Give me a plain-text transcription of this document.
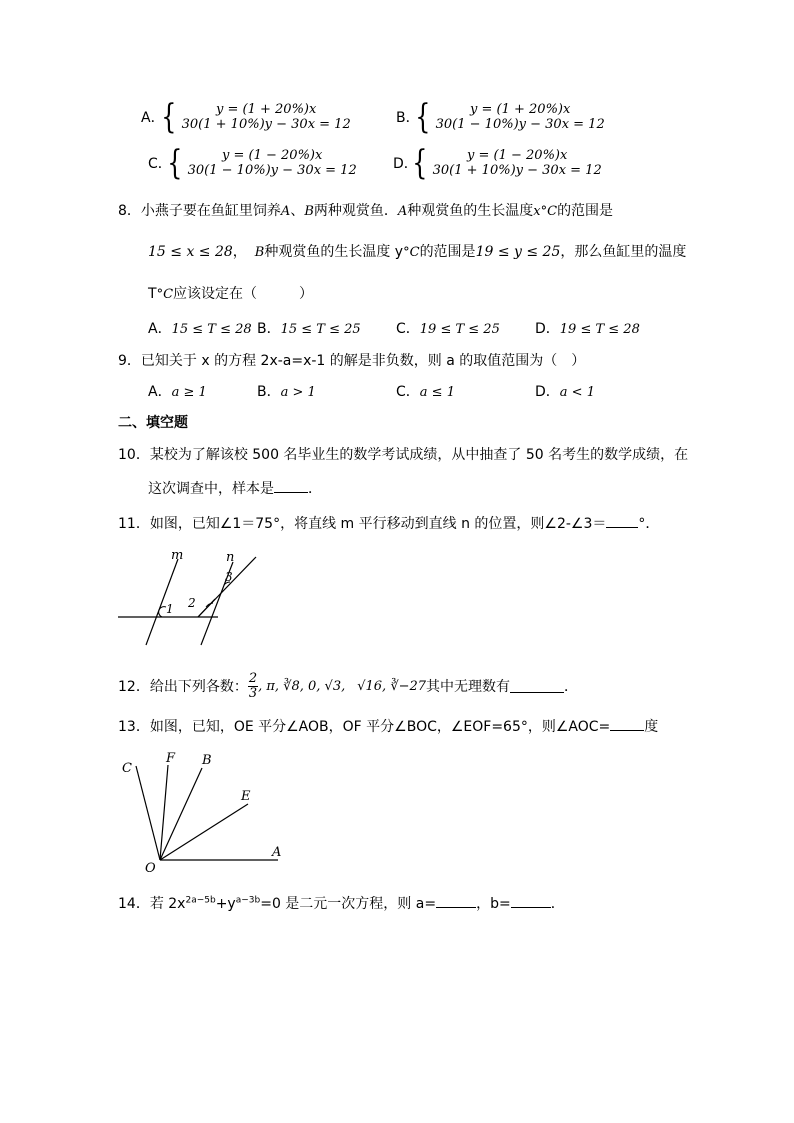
A．
{	y = (1 + 20%)x
30(1 + 10%)y − 30x = 12	B．
{	y = (1 + 20%)x
30(1 − 10%)y − 30x = 12
C．
{	y = (1 − 20%)x
30(1 − 10%)y − 30x = 12	D．
{	y = (1 − 20%)x
30(1 + 10%)y − 30x = 12
8．小燕子要在鱼缸里饲养A、B两种观赏鱼．A种观赏鱼的生长温度x°C的范围是
15 ≤ x ≤ 28， B种观赏鱼的生长温度 y°C的范围是19 ≤ y ≤ 25，那么鱼缸里的温度
T°C应该设定在（　　　）
A．15 ≤ T ≤ 28 B．15 ≤ T ≤ 25	C．19 ≤ T ≤ 25	D．19 ≤ T ≤ 28
9．已知关于 x 的方程 2x-a=x-1 的解是非负数，则 a 的取值范围为（　）
A．a ≥ 1	B．a > 1	C．a ≤ 1	D．a < 1
二、填空题
10．某校为了解该校 500 名毕业生的数学考试成绩，从中抽查了 50 名考生的数学成绩，在
这次调查中，样本是 ．
11．如图，已知∠1＝75°，将直线 m 平行移动到直线 n 的位置，则∠2-∠3＝ °．
m	n
1 2
3
12．给出下列各数： $\frac{2}{3}$ , π, ∛8, 0, √3, √16, ∛−27 其中无理数有	．
13．如图，已知，OE 平分∠AOB，OF 平分∠BOC，∠EOF=65°，则∠AOC= 度
C
F B
E
O
A
14．若 $2x^{2a-5b}+y^{a-3b}=0$ 是二元一次方程，则 a=	，b=	．
